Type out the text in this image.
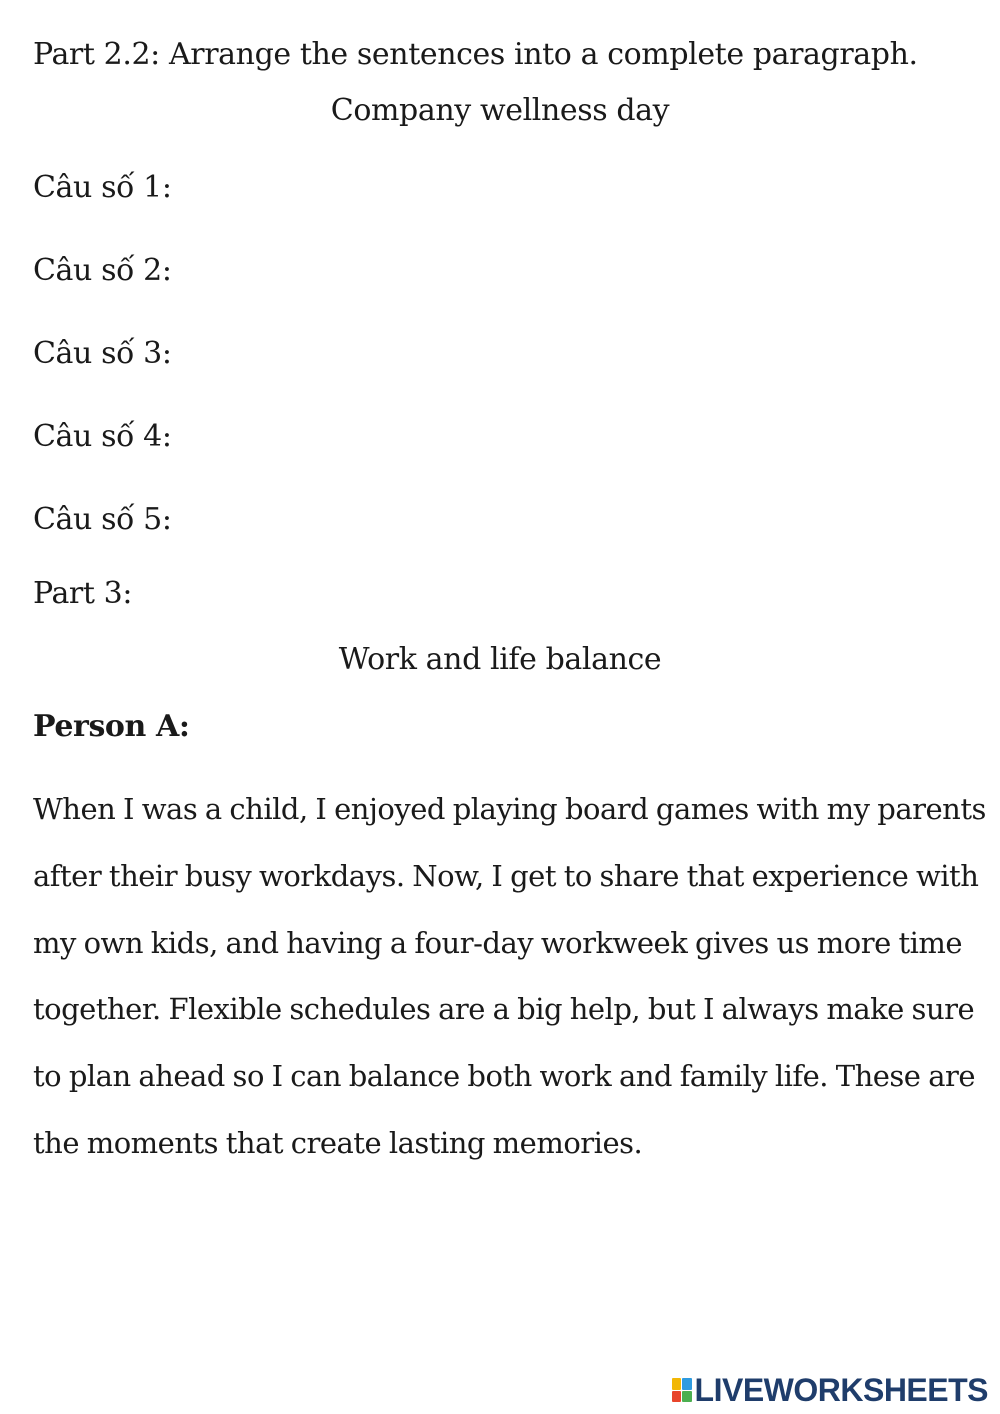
Part 2.2: Arrange the sentences into a complete paragraph.
Company wellness day
Câu số 1:
Câu số 2:
Câu số 3:
Câu số 4:
Câu số 5:
Part 3:
Work and life balance
Person A:
When I was a child, I enjoyed playing board games with my parents
after their busy workdays. Now, I get to share that experience with
my own kids, and having a four-day workweek gives us more time
together. Flexible schedules are a big help, but I always make sure
to plan ahead so I can balance both work and family life. These are
the moments that create lasting memories.
LIVEWORKSHEETS
